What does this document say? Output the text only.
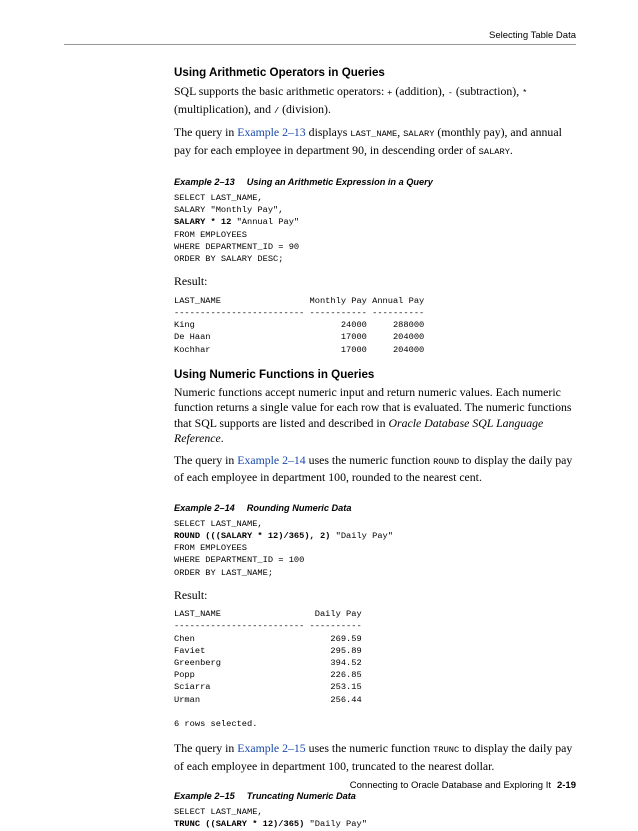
Selecting Table Data
Using Arithmetic Operators in Queries

SQL supports the basic arithmetic operators: + (addition), - (subtraction), * (multiplication), and / (division).

The query in Example 2–13 displays LAST_NAME, SALARY (monthly pay), and annual pay for each employee in department 90, in descending order of SALARY.

Example 2–13 Using an Arithmetic Expression in a Query
SELECT LAST_NAME,
SALARY "Monthly Pay",
SALARY * 12 "Annual Pay"
FROM EMPLOYEES
WHERE DEPARTMENT_ID = 90
ORDER BY SALARY DESC;

Result:

LAST_NAME                 Monthly Pay Annual Pay
------------------------- ----------- ----------
King                            24000     288000
De Haan                         17000     204000
Kochhar                         17000     204000
Using Numeric Functions in Queries

Numeric functions accept numeric input and return numeric values. Each numeric function returns a single value for each row that is evaluated. The numeric functions that SQL supports are listed and described in Oracle Database SQL Language Reference.

The query in Example 2–14 uses the numeric function ROUND to display the daily pay of each employee in department 100, rounded to the nearest cent.

Example 2–14 Rounding Numeric Data
SELECT LAST_NAME,
ROUND (((SALARY * 12)/365), 2) "Daily Pay"
FROM EMPLOYEES
WHERE DEPARTMENT_ID = 100
ORDER BY LAST_NAME;

Result:

LAST_NAME                  Daily Pay
------------------------- ----------
Chen                          269.59
Faviet                        295.89
Greenberg                     394.52
Popp                          226.85
Sciarra                       253.15
Urman                         256.44

6 rows selected.

The query in Example 2–15 uses the numeric function TRUNC to display the daily pay of each employee in department 100, truncated to the nearest dollar.

Example 2–15 Truncating Numeric Data
SELECT LAST_NAME,
TRUNC ((SALARY * 12)/365) "Daily Pay"
Connecting to Oracle Database and Exploring It 2-19
